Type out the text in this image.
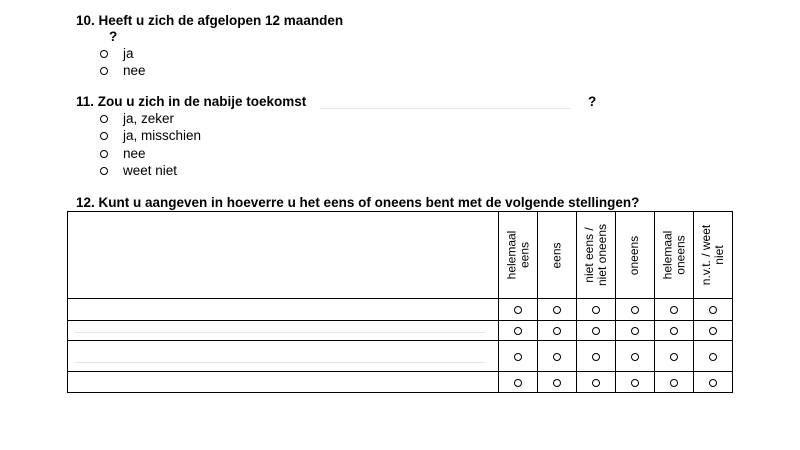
10. Heeft u zich de afgelopen 12 maanden
?
ja
nee
11. Zou u zich in de nabije toekomst	?
ja, zeker
ja, misschien
nee
weet niet
12. Kunt u aangeven in hoeverre u het eens of oneens bent met de volgende stellingen?
helemaal
eens eens niet eens /
niet oneens oneens helemaal
oneens n.v.t. / weet
niet
